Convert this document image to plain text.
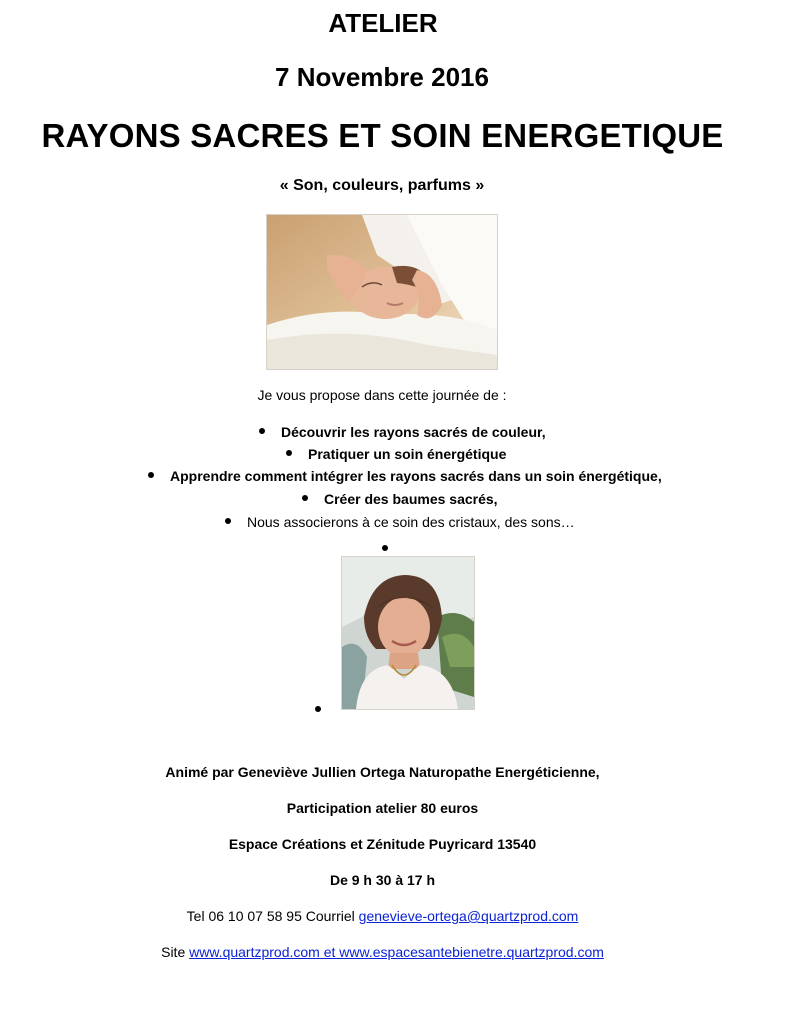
ATELIER
7 Novembre 2016
RAYONS SACRES ET SOIN ENERGETIQUE
« Son, couleurs, parfums »
Je vous propose dans cette journée de :
Découvrir les rayons sacrés de couleur,
Pratiquer un soin énergétique
Apprendre comment intégrer les rayons sacrés dans un soin énergétique,
Créer des baumes sacrés,
Nous associerons à ce soin des cristaux, des sons…
Animé par Geneviève Jullien Ortega Naturopathe Energéticienne,
Participation atelier 80 euros
Espace Créations et Zénitude Puyricard 13540
De 9 h 30 à 17 h
Tel 06 10 07 58 95 Courriel genevieve-ortega@quartzprod.com
Site www.quartzprod.com et www.espacesantebienetre.quartzprod.com
